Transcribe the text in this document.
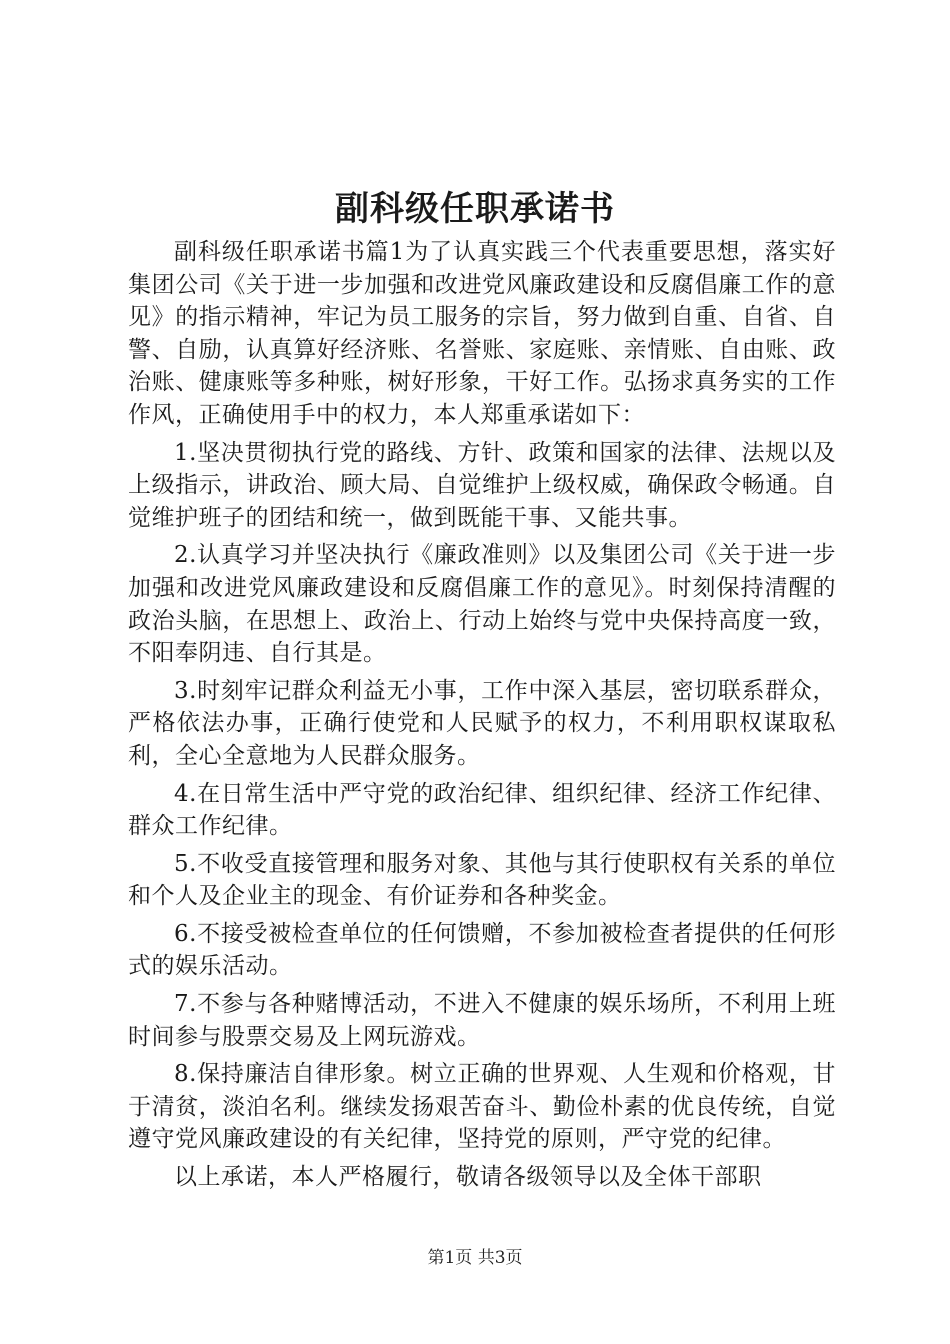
副科级任职承诺书

副科级任职承诺书篇1为了认真实践三个代表重要思想，落实好集团公司《关于进一步加强和改进党风廉政建设和反腐倡廉工作的意见》的指示精神，牢记为员工服务的宗旨，努力做到自重、自省、自警、自励，认真算好经济账、名誉账、家庭账、亲情账、自由账、政治账、健康账等多种账，树好形象，干好工作。弘扬求真务实的工作作风，正确使用手中的权力，本人郑重承诺如下：

1.坚决贯彻执行党的路线、方针、政策和国家的法律、法规以及上级指示，讲政治、顾大局、自觉维护上级权威，确保政令畅通。自觉维护班子的团结和统一，做到既能干事、又能共事。

2.认真学习并坚决执行《廉政准则》以及集团公司《关于进一步加强和改进党风廉政建设和反腐倡廉工作的意见》。时刻保持清醒的政治头脑，在思想上、政治上、行动上始终与党中央保持高度一致，不阳奉阴违、自行其是。

3.时刻牢记群众利益无小事，工作中深入基层，密切联系群众，严格依法办事，正确行使党和人民赋予的权力，不利用职权谋取私利，全心全意地为人民群众服务。

4.在日常生活中严守党的政治纪律、组织纪律、经济工作纪律、群众工作纪律。

5.不收受直接管理和服务对象、其他与其行使职权有关系的单位和个人及企业主的现金、有价证券和各种奖金。

6.不接受被检查单位的任何馈赠，不参加被检查者提供的任何形式的娱乐活动。

7.不参与各种赌博活动，不进入不健康的娱乐场所，不利用上班时间参与股票交易及上网玩游戏。

8.保持廉洁自律形象。树立正确的世界观、人生观和价格观，甘于清贫，淡泊名利。继续发扬艰苦奋斗、勤俭朴素的优良传统，自觉遵守党风廉政建设的有关纪律，坚持党的原则，严守党的纪律。

以上承诺，本人严格履行，敬请各级领导以及全体干部职

第1页 共3页
